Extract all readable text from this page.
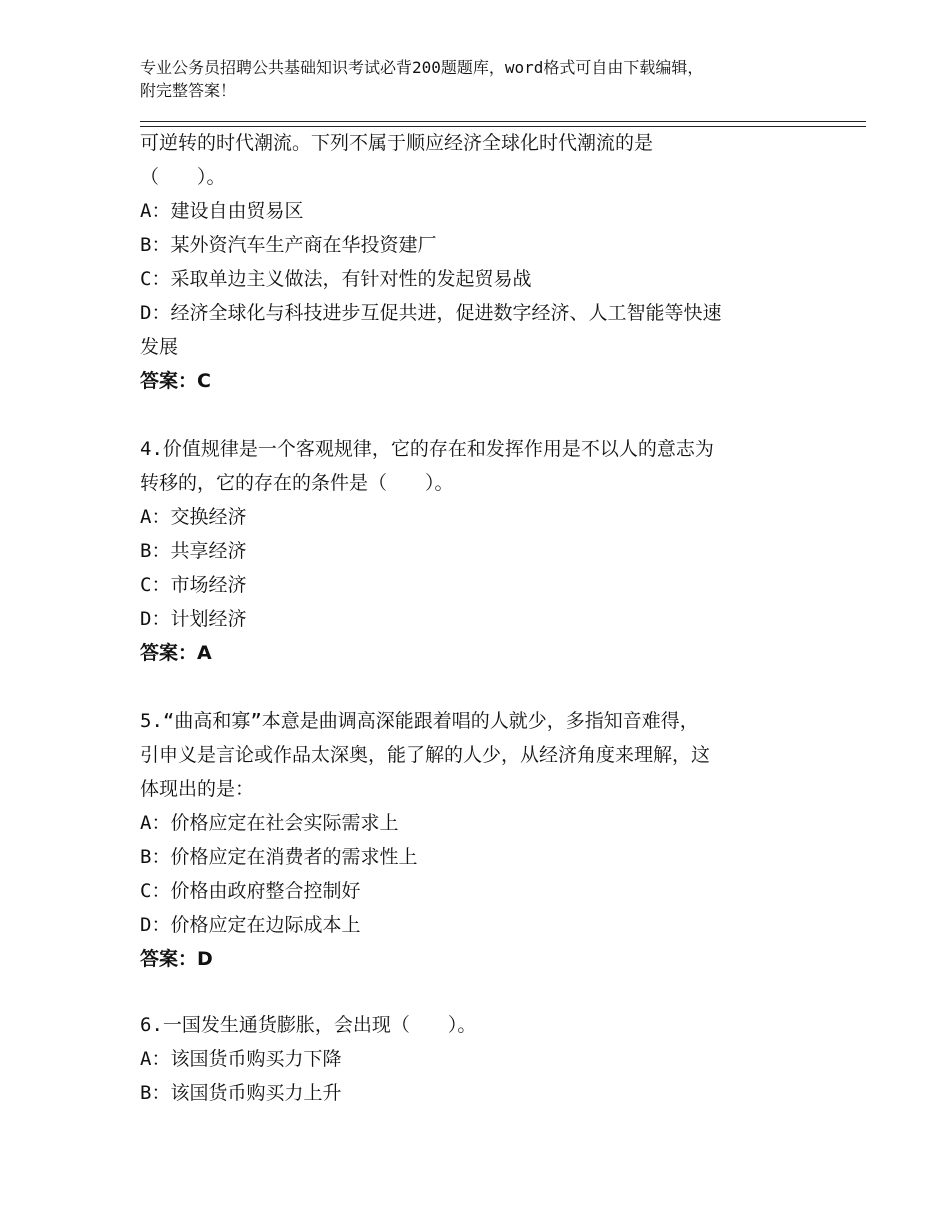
专业公务员招聘公共基础知识考试必背200题题库，word格式可自由下载编辑，
附完整答案！
可逆转的时代潮流。下列不属于顺应经济全球化时代潮流的是
（　　）。
A：建设自由贸易区
B：某外资汽车生产商在华投资建厂
C：采取单边主义做法，有针对性的发起贸易战
D：经济全球化与科技进步互促共进，促进数字经济、人工智能等快速
发展
答案：C
4.价值规律是一个客观规律，它的存在和发挥作用是不以人的意志为
转移的，它的存在的条件是（　　）。
A：交换经济
B：共享经济
C：市场经济
D：计划经济
答案：A
5.“曲高和寡”本意是曲调高深能跟着唱的人就少，多指知音难得，
引申义是言论或作品太深奥，能了解的人少，从经济角度来理解，这
体现出的是：
A：价格应定在社会实际需求上
B：价格应定在消费者的需求性上
C：价格由政府整合控制好
D：价格应定在边际成本上
答案：D
6.一国发生通货膨胀，会出现（　　）。
A：该国货币购买力下降
B：该国货币购买力上升
